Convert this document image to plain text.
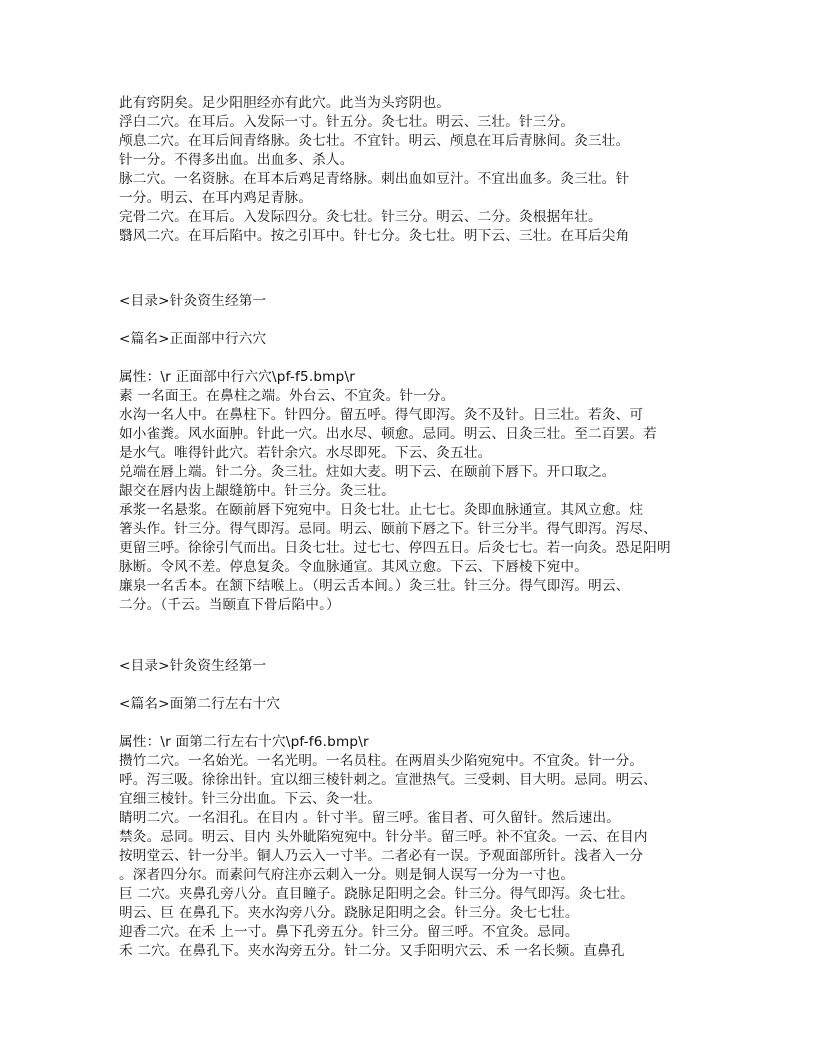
此有窍阴矣。足少阳胆经亦有此穴。此当为头窍阴也。
浮白二穴。在耳后。入发际一寸。针五分。灸七壮。明云、三壮。针三分。
颅息二穴。在耳后间青络脉。灸七壮。不宜针。明云、颅息在耳后青脉间。灸三壮。
针一分。不得多出血。出血多、杀人。
脉二穴。一名资脉。在耳本后鸡足青络脉。刺出血如豆汁。不宜出血多。灸三壮。针
一分。明云、在耳内鸡足青脉。
完骨二穴。在耳后。入发际四分。灸七壮。针三分。明云、二分。灸根据年壮。
翳风二穴。在耳后陷中。按之引耳中。针七分。灸七壮。明下云、三壮。在耳后尖角
<目录>针灸资生经第一
<篇名>正面部中行六穴
属性：\r 正面部中行六穴\pf-f5.bmp\r
素 一名面王。在鼻柱之端。外台云、不宜灸。针一分。
水沟一名人中。在鼻柱下。针四分。留五呼。得气即泻。灸不及针。日三壮。若灸、可
如小雀粪。风水面肿。针此一穴。出水尽、顿愈。忌同。明云、日灸三壮。至二百罢。若
是水气。唯得针此穴。若针余穴。水尽即死。下云、灸五壮。
兑端在唇上端。针二分。灸三壮。炷如大麦。明下云、在颐前下唇下。开口取之。
龈交在唇内齿上龈缝筋中。针三分。灸三壮。
承浆一名悬浆。在颐前唇下宛宛中。日灸七壮。止七七。灸即血脉通宣。其风立愈。炷
箸头作。针三分。得气即泻。忌同。明云、颐前下唇之下。针三分半。得气即泻。泻尽、
更留三呼。徐徐引气而出。日灸七壮。过七七、停四五日。后灸七七。若一向灸。恐足阳明
脉断。令风不差。停息复灸。令血脉通宣。其风立愈。下云、下唇棱下宛中。
廉泉一名舌本。在颔下结喉上。（明云舌本间。）灸三壮。针三分。得气即泻。明云、
二分。（千云。当颐直下骨后陷中。）
<目录>针灸资生经第一
<篇名>面第二行左右十穴
属性：\r 面第二行左右十穴\pf-f6.bmp\r
攒竹二穴。一名始光。一名光明。一名员柱。在两眉头少陷宛宛中。不宜灸。针一分。
呼。泻三吸。徐徐出针。宜以细三棱针刺之。宣泄热气。三受刺、目大明。忌同。明云、
宜细三棱针。针三分出血。下云、灸一壮。
睛明二穴。一名泪孔。在目内 。针寸半。留三呼。雀目者、可久留针。然后速出。
禁灸。忌同。明云、目内 头外眦陷宛宛中。针分半。留三呼。补不宜灸。一云、在目内
按明堂云、针一分半。铜人乃云入一寸半。二者必有一误。予观面部所针。浅者入一分
。深者四分尔。而素问气府注亦云刺入一分。则是铜人误写一分为一寸也。
巨 二穴。夹鼻孔旁八分。直目瞳子。跷脉足阳明之会。针三分。得气即泻。灸七壮。
明云、巨 在鼻孔下。夹水沟旁八分。跷脉足阳明之会。针三分。灸七七壮。
迎香二穴。在禾 上一寸。鼻下孔旁五分。针三分。留三呼。不宜灸。忌同。
禾 二穴。在鼻孔下。夹水沟旁五分。针二分。又手阳明穴云、禾 一名长频。直鼻孔
